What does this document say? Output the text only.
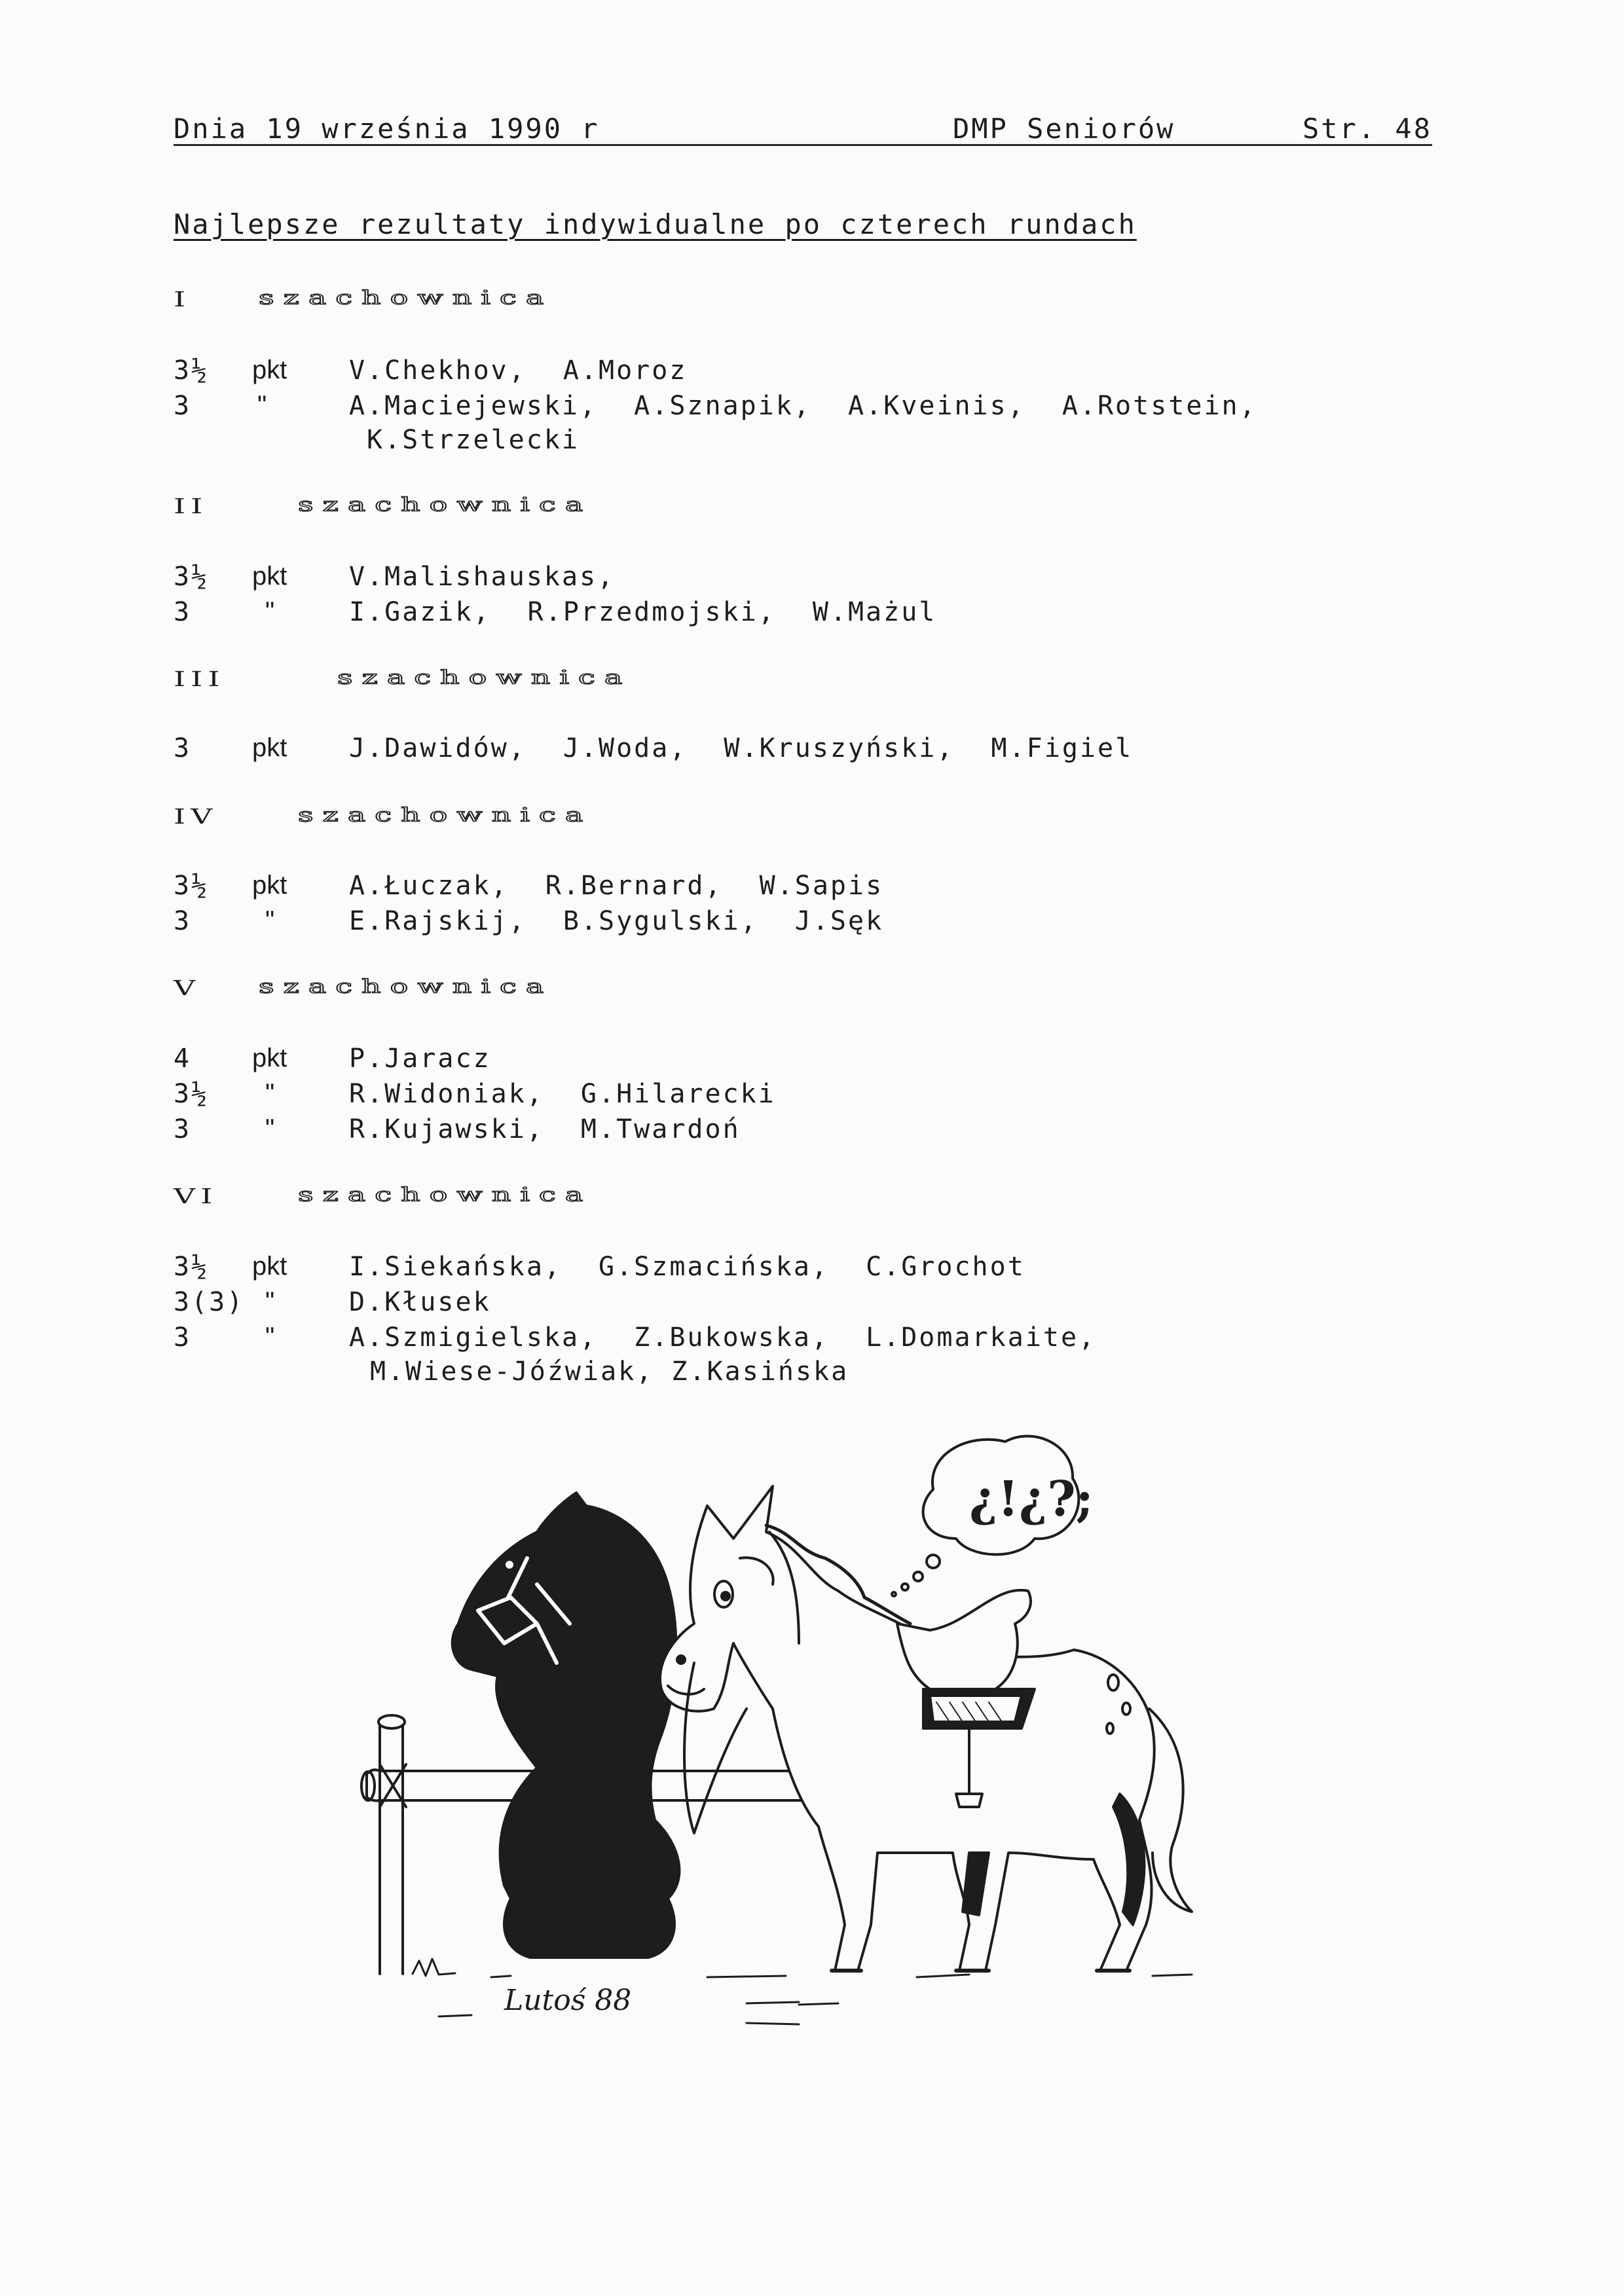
Dnia 19 września 1990 r	DMP Seniorów	Str. 48
Najlepsze rezultaty indywidualne po czterech rundach
I szachownica
3½ pkt V.Chekhov, A.Moroz
3	"	A.Maciejewski, A.Sznapik, A.Kveinis, A.Rotstein,
K.Strzelecki
II	szachownica
3½ pkt V.Malishauskas,
3	"	I.Gazik, R.Przedmojski, W.Mażul
III	szachownica
3 pkt J.Dawidów, J.Woda, W.Kruszyński, M.Figiel
IV	szachownica
3½ pkt A.Łuczak, R.Bernard, W.Sapis
3	"	E.Rajskij, B.Sygulski, J.Sęk
V szachownica
4 pkt P.Jaracz
3½ "	R.Widoniak, G.Hilarecki
3	"	R.Kujawski, M.Twardoń
VI	szachownica
3½ pkt I.Siekańska, G.Szmacińska, C.Grochot
3(3) "	D.Kłusek
3	"	A.Szmigielska, Z.Bukowska, L.Domarkaite,
M.Wiese-Jóźwiak, Z.Kasińska
¿!¿?;
Lutoś 88
